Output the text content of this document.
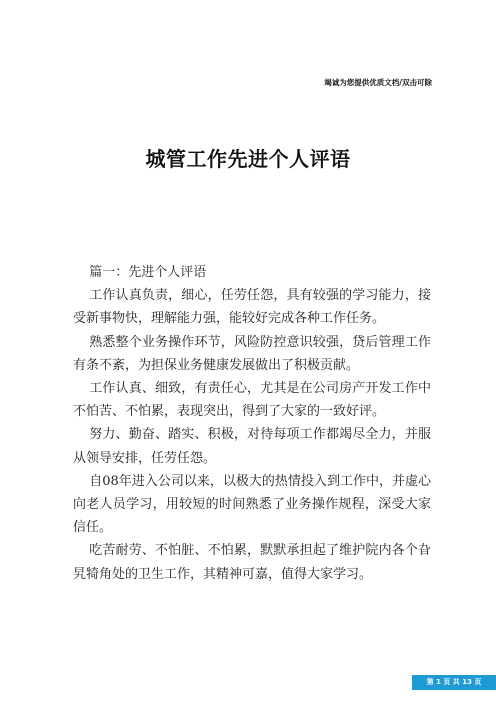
竭诚为您提供优质文档/双击可除
城管工作先进个人评语

篇一：先进个人评语

工作认真负责，细心，任劳任怨，具有较强的学习能力，接受新事物快，理解能力强，能较好完成各种工作任务。

熟悉整个业务操作环节，风险防控意识较强，贷后管理工作有条不紊，为担保业务健康发展做出了积极贡献。

工作认真、细致，有责任心，尤其是在公司房产开发工作中不怕苦、不怕累，表现突出，得到了大家的一致好评。

努力、勤奋、踏实、积极，对待每项工作都竭尽全力，并服从领导安排，任劳任怨。

自08年进入公司以来，以极大的热情投入到工作中，并虚心向老人员学习，用较短的时间熟悉了业务操作规程，深受大家信任。

吃苦耐劳、不怕脏、不怕累，默默承担起了维护院内各个旮旯犄角处的卫生工作，其精神可嘉，值得大家学习。

第 1 页 共 13 页
